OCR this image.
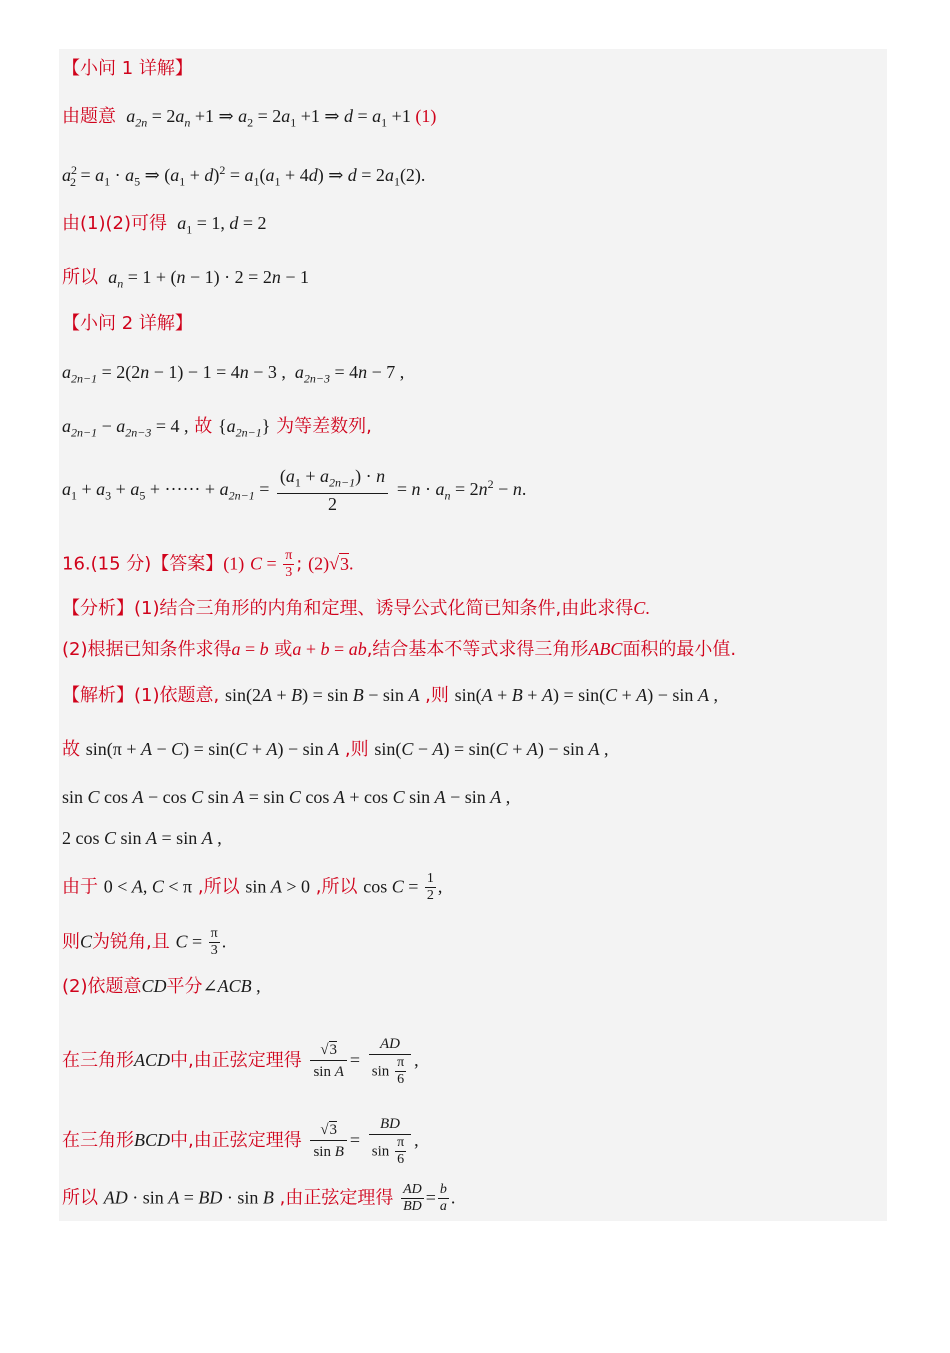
【小问 1 详解】
由题意  $a_{2n} = 2a_n +1$ ⇒ $a_2 = 2a_1 +1$ ⇒ $d = a_1 +1$ (1)
$a^2_2 = a_1 \cdot a_5$ ⇒ $(a_1 + d)^2 = a_1(a_1 + 4d)$ ⇒ $d = 2a_1(2)$.
由(1)(2)可得  $a_1 = 1$, d = 2
所以  $a_n = 1 + (n - 1) \cdot 2 = 2n - 1$
【小问 2 详解】
$a_{2n-1} = 2(2n - 1) - 1 = 4n - 3$ ,  $a_{2n-3} = 4n - 7$ ,
$a_{2n-1} - a_{2n-3} = 4$ , 故 $\{a_{2n-1}\}$ 为等差数列,
$a_1 + a_3 + a_5$ + ······ + $a_{2n-1} = \frac{(a_1 + a_{2n-1}) \cdot n}{2} = n \cdot a_n = 2n^2 - n$.
16.(15 分)【答案】(1) $C = \frac{\pi}{3}$ ; (2)√3.
【分析】(1)结合三角形的内角和定理、诱导公式化简已知条件,由此求得C.
(2)根据已知条件求得a = b 或a + b = ab,结合基本不等式求得三角形ABC面积的最小值.
【解析】(1)依题意, sin(2A + B) = sin B − sin A ,则 sin(A + B + A) = sin(C + A) − sin A ,
故 sin(π + A − C) = sin(C + A) − sin A ,则 sin(C − A) = sin(C + A) − sin A ,
sin C cos A − cos C sin A = sin C cos A + cos C sin A − sin A ,
2 cos C sin A = sin A ,
由于 0 < A, C < π ,所以 sin A > 0 ,所以 $\cos C = \frac{1}{2}$ ,
则C为锐角,且 $C = \frac{\pi}{3}$ .
(2)依题意CD平分∠ACB ,
在三角形ACD中,由正弦定理得 $\frac{√3}{\text{sin A}} = \frac{AD}{\sin \frac{\pi}{6}}$ ,
在三角形BCD中,由正弦定理得 $\frac{√3}{\text{sin B}} = \frac{BD}{\sin \frac{\pi}{6}}$ ,
所以 AD · sin A = BD · sin B ,由正弦定理得 $\frac{AD}{BD} = \frac{b}{a}$ .
